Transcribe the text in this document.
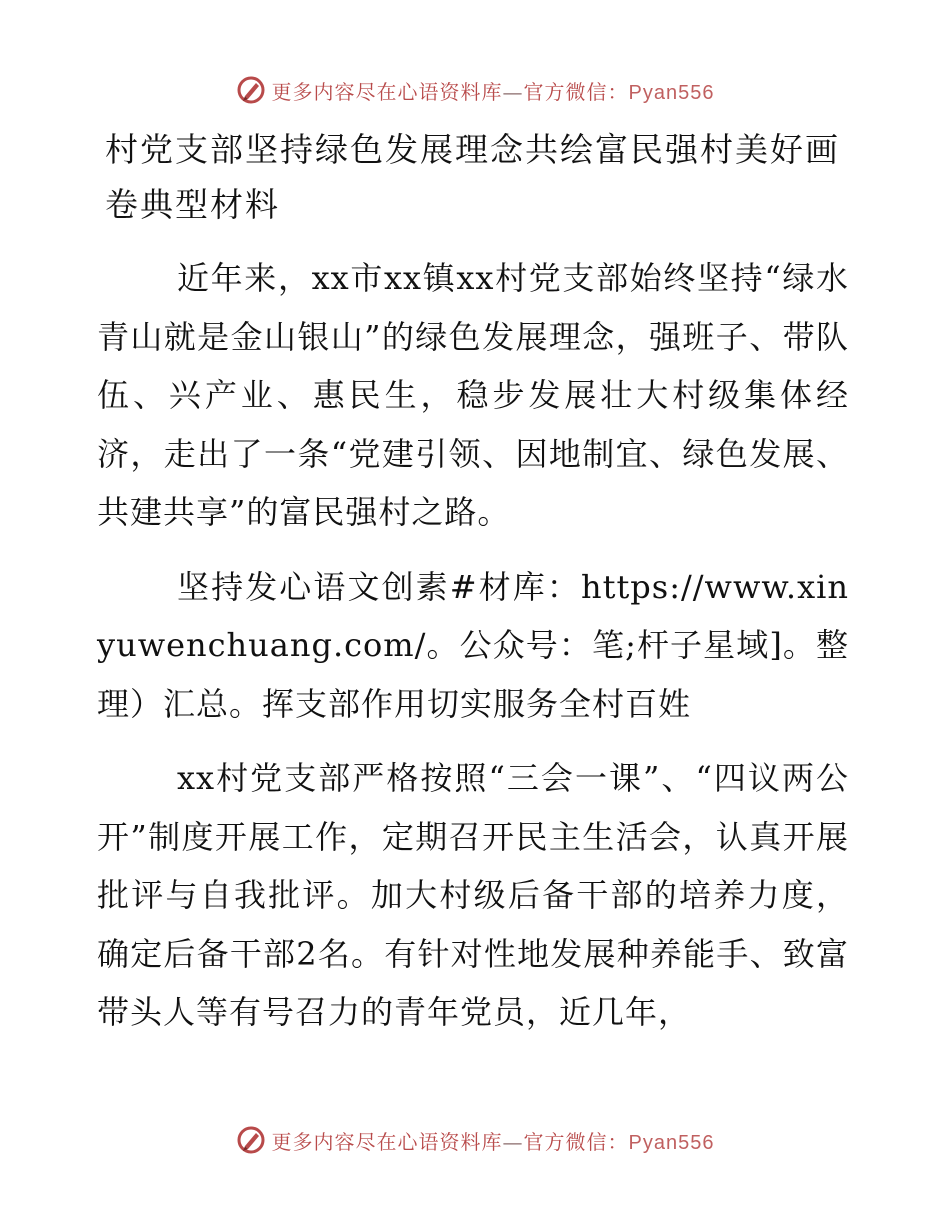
更多内容尽在心语资料库—官方微信：Pyan556
村党支部坚持绿色发展理念共绘富民强村美好画卷典型材料

近年来，xx市xx镇xx村党支部始终坚持“绿水青山就是金山银山”的绿色发展理念，强班子、带队伍、兴产业、惠民生，稳步发展壮大村级集体经济，走出了一条“党建引领、因地制宜、绿色发展、共建共享”的富民强村之路。

坚持发心语文创素#材库：https://www.xinyuwenchuang.com/。公众号：笔;杆子星域]。整理）汇总。挥支部作用切实服务全村百姓

xx村党支部严格按照“三会一课”、“四议两公开”制度开展工作，定期召开民主生活会，认真开展批评与自我批评。加大村级后备干部的培养力度，确定后备干部2名。有针对性地发展种养能手、致富带头人等有号召力的青年党员，近几年，

更多内容尽在心语资料库—官方微信：Pyan556
